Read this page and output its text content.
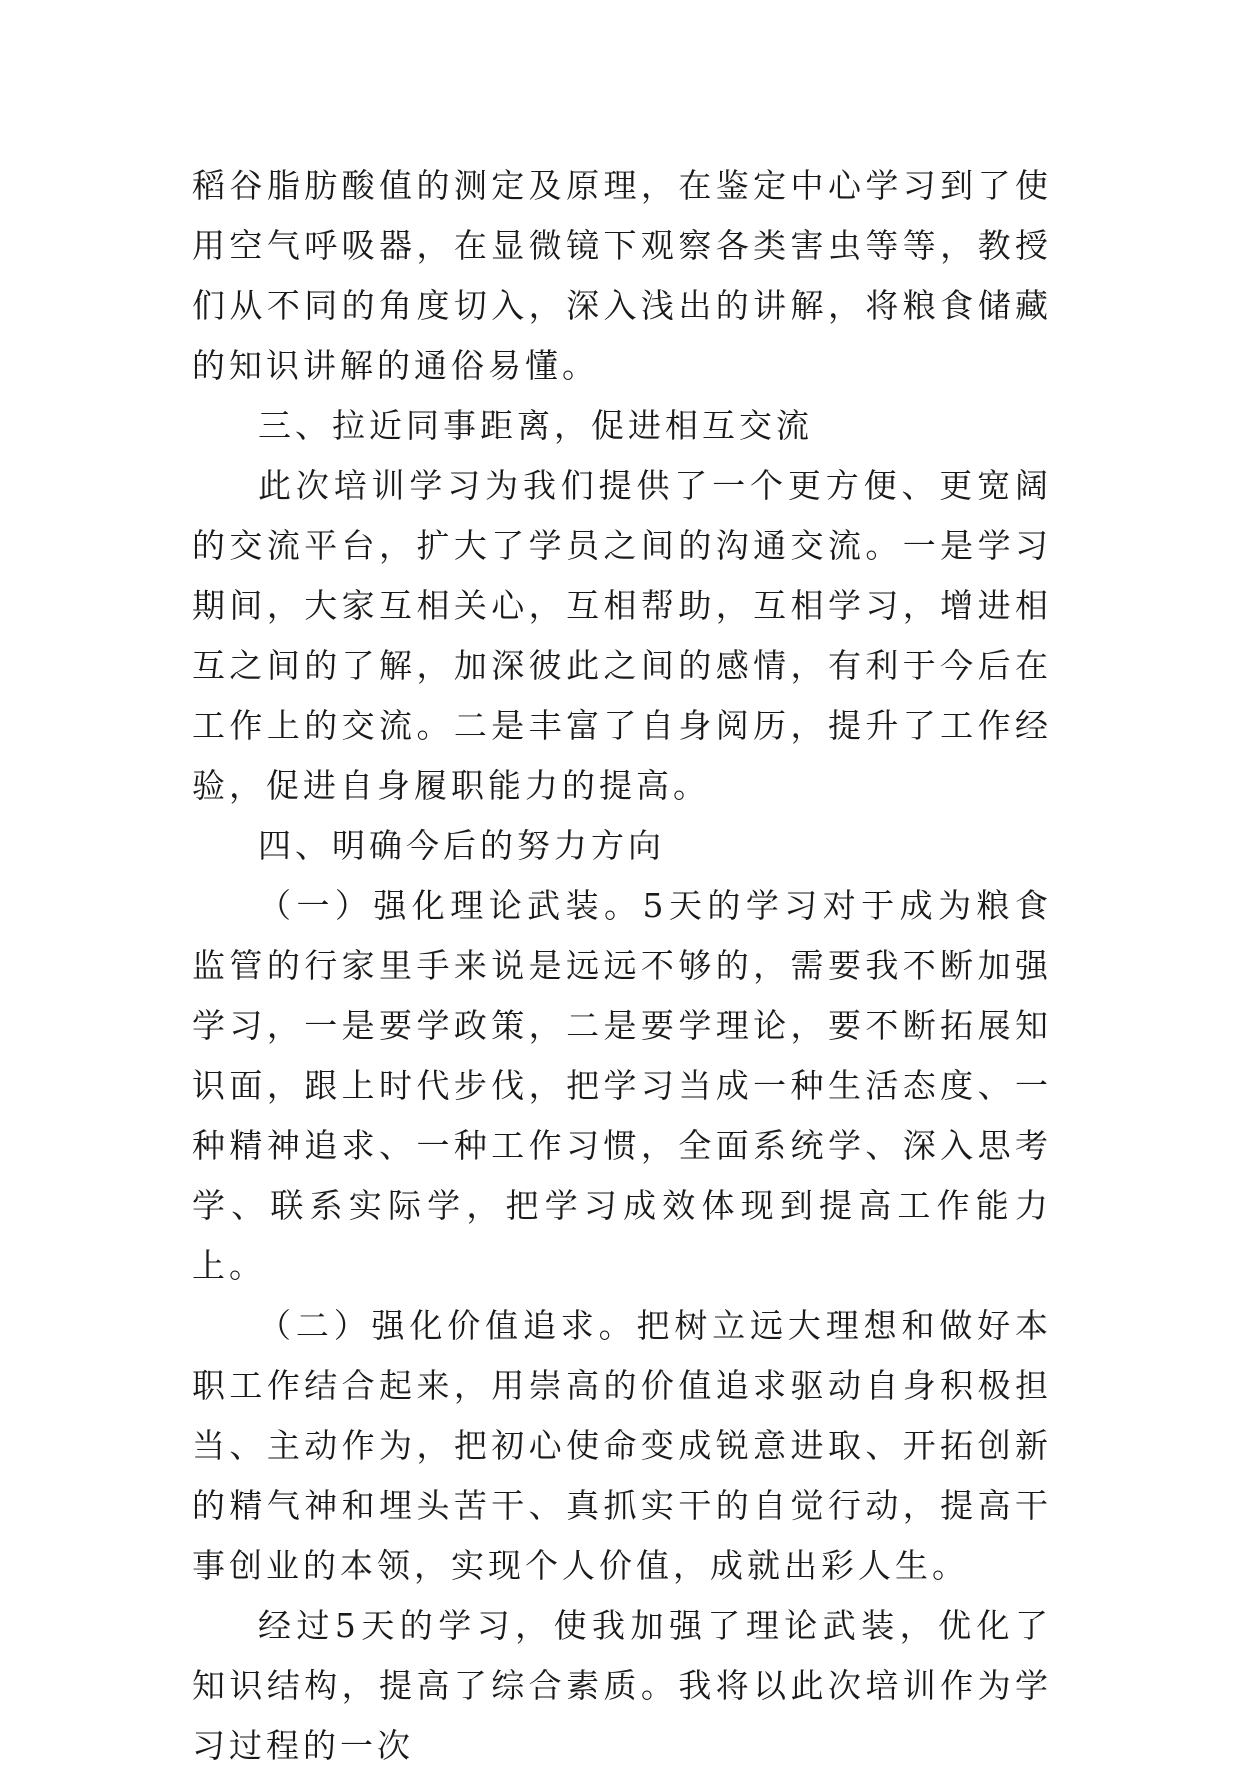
稻谷脂肪酸值的测定及原理，在鉴定中心学习到了使用空气呼吸器，在显微镜下观察各类害虫等等，教授们从不同的角度切入，深入浅出的讲解，将粮食储藏的知识讲解的通俗易懂。

三、拉近同事距离，促进相互交流

此次培训学习为我们提供了一个更方便、更宽阔的交流平台，扩大了学员之间的沟通交流。一是学习期间，大家互相关心，互相帮助，互相学习，增进相互之间的了解，加深彼此之间的感情，有利于今后在工作上的交流。二是丰富了自身阅历，提升了工作经验，促进自身履职能力的提高。

四、明确今后的努力方向

（一）强化理论武装。5天的学习对于成为粮食监管的行家里手来说是远远不够的，需要我不断加强学习，一是要学政策，二是要学理论，要不断拓展知识面，跟上时代步伐，把学习当成一种生活态度、一种精神追求、一种工作习惯，全面系统学、深入思考学、联系实际学，把学习成效体现到提高工作能力上。

（二）强化价值追求。把树立远大理想和做好本职工作结合起来，用崇高的价值追求驱动自身积极担当、主动作为，把初心使命变成锐意进取、开拓创新的精气神和埋头苦干、真抓实干的自觉行动，提高干事创业的本领，实现个人价值，成就出彩人生。

经过5天的学习，使我加强了理论武装，优化了知识结构，提高了综合素质。我将以此次培训作为学习过程的一次
